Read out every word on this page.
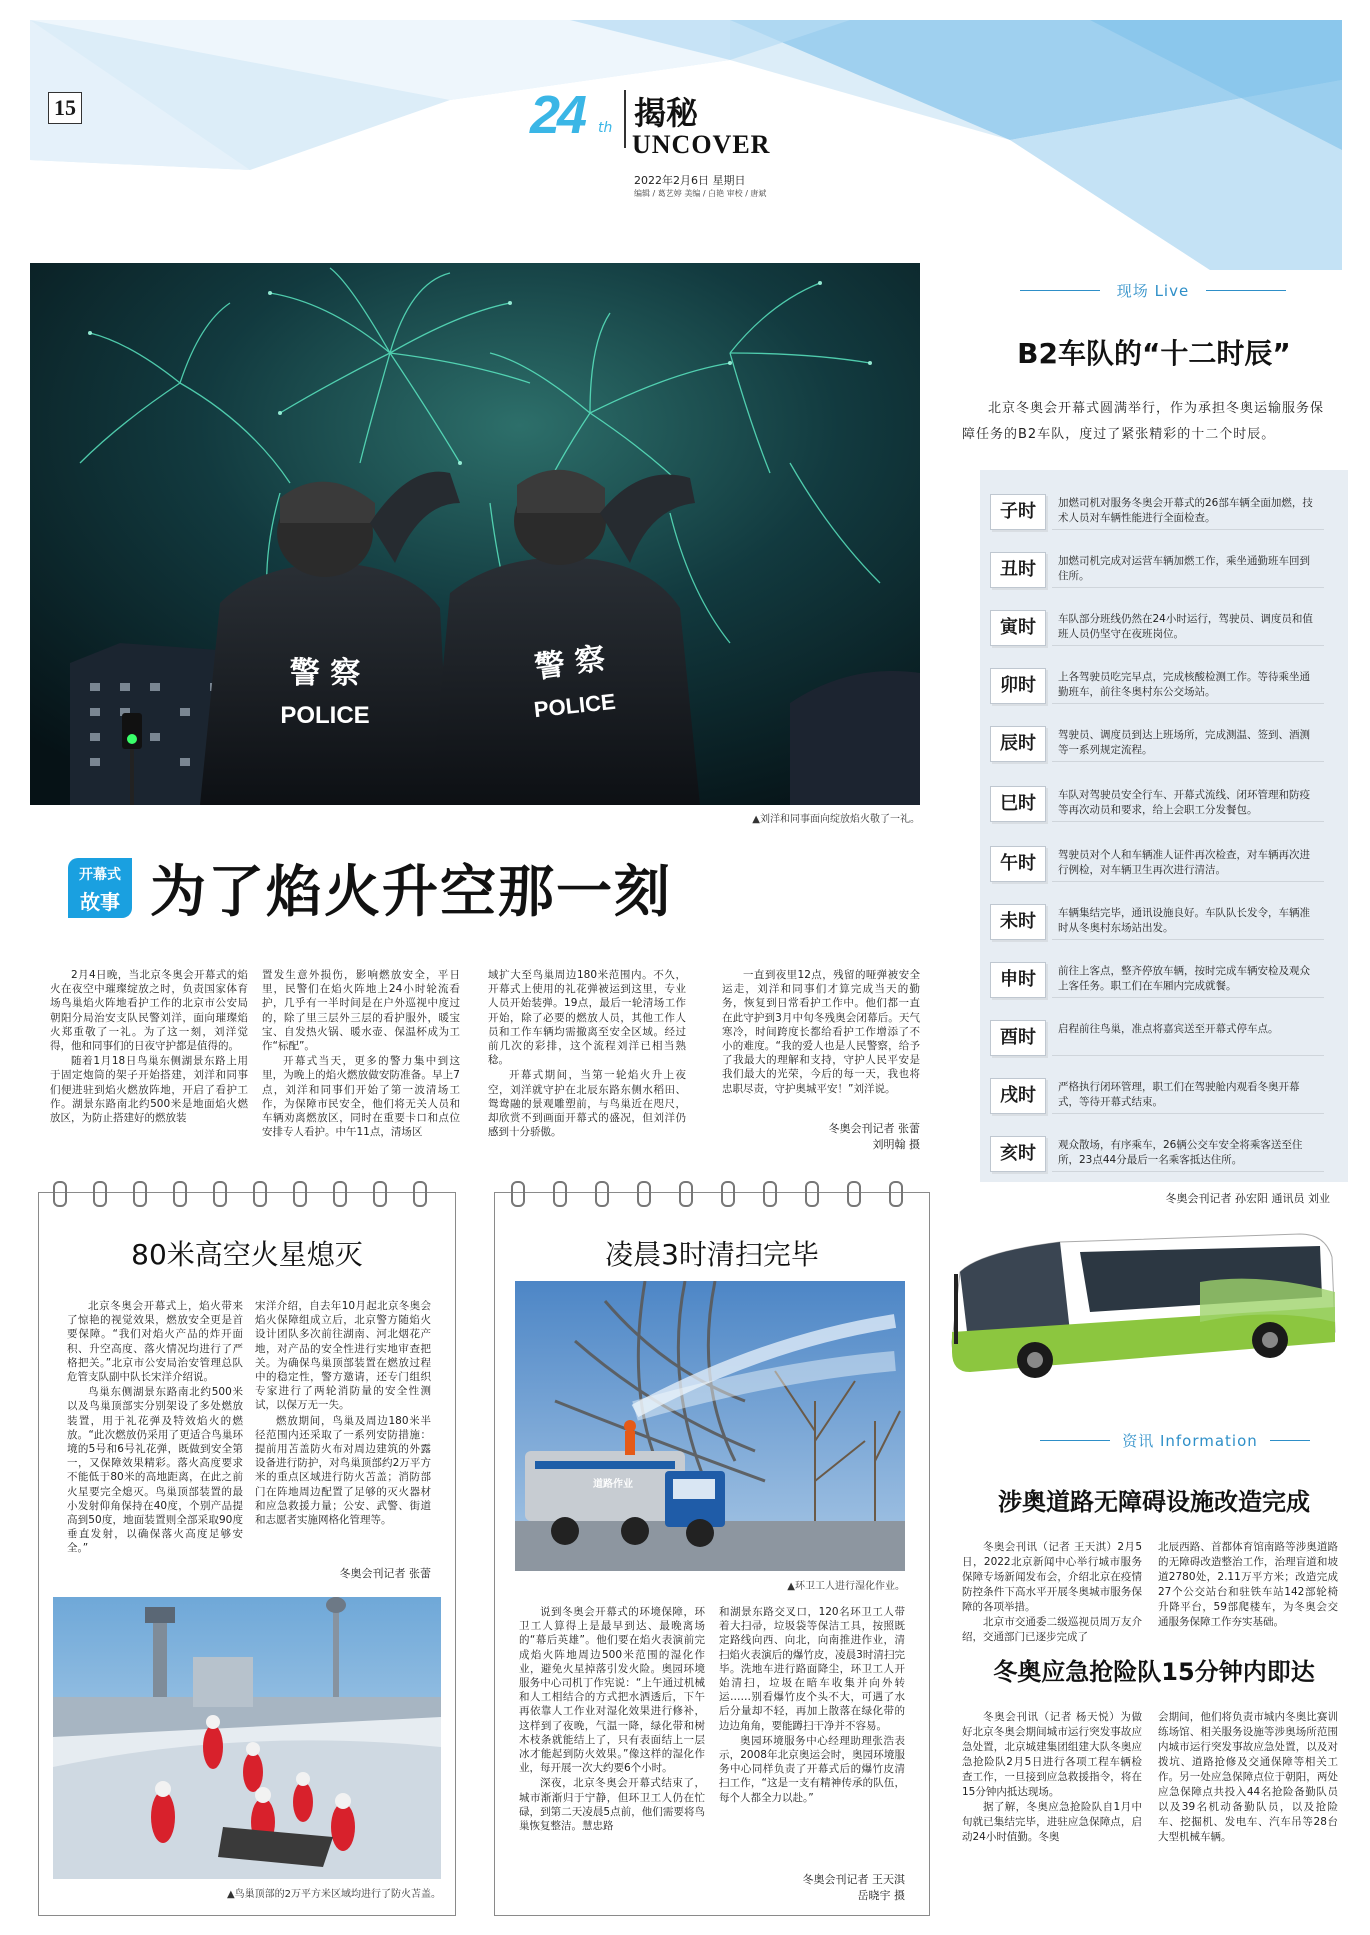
15	24 th 揭秘
UNCOVER
2022年2月6日 星期日
编辑 / 葛艺婷 美编 / 白艳 审校 / 唐斌
警 察
POLICE
警 察
POLICE
▲刘洋和同事面向绽放焰火敬了一礼。
开幕式
故事 为了焰火升空那一刻

2月4日晚，当北京冬奥会开幕式的焰火在夜空中璀璨绽放之时，负责国家体育场鸟巢焰火阵地看护工作的北京市公安局朝阳分局治安支队民警刘洋，面向璀璨焰火郑重敬了一礼。为了这一刻，刘洋觉得，他和同事们的日夜守护都是值得的。

随着1月18日鸟巢东侧湖景东路上用于固定炮筒的架子开始搭建，刘洋和同事们便进驻到焰火燃放阵地，开启了看护工作。湖景东路南北约500米是地面焰火燃放区，为防止搭建好的燃放装

置发生意外损伤，影响燃放安全，平日里，民警们在焰火阵地上24小时轮流看护，几乎有一半时间是在户外巡视中度过的，除了里三层外三层的看护服外，暖宝宝、自发热火锅、暖水壶、保温杯成为工作“标配”。

开幕式当天，更多的警力集中到这里，为晚上的焰火燃放做安防准备。早上7点，刘洋和同事们开始了第一波清场工作，为保障市民安全，他们将无关人员和车辆劝离燃放区，同时在重要卡口和点位安排专人看护。中午11点，清场区

域扩大至鸟巢周边180米范围内。不久，开幕式上使用的礼花弹被运到这里，专业人员开始装弹。19点，最后一轮清场工作开始，除了必要的燃放人员，其他工作人员和工作车辆均需撤离至安全区域。经过前几次的彩排，这个流程刘洋已相当熟稔。

开幕式期间，当第一轮焰火升上夜空，刘洋就守护在北辰东路东侧水稻田、鸳鸯融的景观雕塑前，与鸟巢近在咫尺，却欣赏不到画面开幕式的盛况，但刘洋仍感到十分骄傲。

一直到夜里12点，残留的哑弹被安全运走，刘洋和同事们才算完成当天的勤务，恢复到日常看护工作中。他们都一直在此守护到3月中旬冬残奥会闭幕后。天气寒冷，时间跨度长都给看护工作增添了不小的难度。“我的爱人也是人民警察，给予了我最大的理解和支持，守护人民平安是我们最大的光荣，今后的每一天，我也将忠职尽责，守护奥城平安！”刘洋说。

冬奥会刊记者 张蕾
刘明翰 摄
现场 Live
B2车队的“十二时辰”
北京冬奥会开幕式圆满举行，作为承担冬奥运输服务保障任务的B2车队，度过了紧张精彩的十二个时辰。
子时	加燃司机对服务冬奥会开幕式的26部车辆全面加燃，技术人员对车辆性能进行全面检查。
丑时	加燃司机完成对运营车辆加燃工作，乘坐通勤班车回到住所。
寅时	车队部分班线仍然在24小时运行，驾驶员、调度员和值班人员仍坚守在夜班岗位。
卯时	上各驾驶员吃完早点，完成核酸检测工作。等待乘坐通勤班车，前往冬奥村东公交场站。
辰时	驾驶员、调度员到达上班场所，完成测温、签到、酒测等一系列规定流程。
巳时	车队对驾驶员安全行车、开幕式流线、闭环管理和防疫等再次动员和要求，给上会职工分发餐包。
午时	驾驶员对个人和车辆准人证件再次检查，对车辆再次进行例检，对车辆卫生再次进行清洁。
未时	车辆集结完毕，通讯设施良好。车队队长发令，车辆准时从冬奥村东场站出发。
申时	前往上客点，整齐停放车辆，按时完成车辆安检及观众上客任务。职工们在车厢内完成就餐。
酉时	启程前往鸟巢，准点将嘉宾送至开幕式停车点。
戌时	严格执行闭环管理，职工们在驾驶舱内观看冬奥开幕式，等待开幕式结束。
亥时	观众散场，有序乘车，26辆公交车安全将乘客送至住所，23点44分最后一名乘客抵达住所。
冬奥会刊记者 孙宏阳 通讯员 刘业
资讯 Information
涉奥道路无障碍设施改造完成
冬奥会刊讯（记者 王天淇）2月5日，2022北京新闻中心举行城市服务保障专场新闻发布会，介绍北京在疫情防控条件下高水平开展冬奥城市服务保障的各项举措。
北京市交通委二级巡视员周万友介绍，交通部门已逐步完成了
北辰西路、首都体育馆南路等涉奥道路的无障碍改造整治工作，治理盲道和坡道2780处，2.11万平方米；改造完成27个公交站台和驻铁车站142部轮椅升降平台，59部爬楼车，为冬奥会交通服务保障工作夯实基础。
冬奥应急抢险队15分钟内即达
冬奥会刊讯（记者 杨天悦）为做好北京冬奥会期间城市运行突发事故应急处置，北京城建集团组建大队冬奥应急抢险队2月5日进行各项工程车辆检查工作，一旦接到应急救援指令，将在15分钟内抵达现场。
据了解，冬奥应急抢险队自1月中旬就已集结完毕，进驻应急保障点，启动24小时值勤。冬奥
会期间，他们将负责市城内冬奥比赛训练场馆、相关服务设施等涉奥场所范围内城市运行突发事故应急处置，以及对拨坑、道路抢修及交通保障等相关工作。另一处应急保障点位于朝阳，两处应急保障点共投入44名抢险备勤队员以及39名机动备勤队员，以及抢险车、挖掘机、发电车、汽车吊等28台大型机械车辆。
80米高空火星熄灭

北京冬奥会开幕式上，焰火带来了惊艳的视觉效果，燃放安全更是首要保障。“我们对焰火产品的炸开面积、升空高度、落火情况均进行了严格把关。”北京市公安局治安管理总队危管支队副中队长宋洋介绍说。

鸟巢东侧湖景东路南北约500米以及鸟巢顶部实分别架设了多处燃放装置，用于礼花弹及特效焰火的燃放。“此次燃放仍采用了更适合鸟巢环境的5号和6号礼花弹，既做到安全第一，又保障效果精彩。落火高度要求不能低于80米的高地距离，在此之前火星要完全熄灭。鸟巢顶部装置的最小发射仰角保持在40度，个别产品提高到50度，地面装置则全部采取90度垂直发射，以确保落火高度足够安全。”

宋洋介绍，自去年10月起北京冬奥会焰火保障组成立后，北京警方随焰火设计团队多次前往湖南、河北烟花产地，对产品的安全性进行实地审查把关。为确保鸟巢顶部装置在燃放过程中的稳定性，警方邀请，还专门组织专家进行了两轮消防量的安全性测试，以保万无一失。

燃放期间，鸟巢及周边180米半径范围内还采取了一系列安防措施：提前用苫盖防火布对周边建筑的外露设备进行防护，对鸟巢顶部约2万平方米的重点区域进行防火苫盖；消防部门在阵地周边配置了足够的灭火器材和应急救援力量；公安、武警、街道和志愿者实施网格化管理等。

冬奥会刊记者 张蕾
▲鸟巢顶部的2万平方米区域均进行了防火苫盖。
凌晨3时清扫完毕
道路作业
▲环卫工人进行湿化作业。

说到冬奥会开幕式的环境保障，环卫工人算得上是最早到达、最晚离场的“幕后英雄”。他们要在焰火表演前完成焰火阵地周边500米范围的湿化作业，避免火星掉落引发火险。奥园环境服务中心司机丁作宪说：“上午通过机械和人工相结合的方式把水洒透后，下午再依靠人工作业对湿化效果进行修补，这样到了夜晚，气温一降，绿化带和树木枝条就能结上了，只有表面结上一层冰才能起到防火效果。”像这样的湿化作业，每开展一次大约要6个小时。

深夜，北京冬奥会开幕式结束了，城市渐渐归于宁静，但环卫工人仍在忙碌，到第二天凌晨5点前，他们需要将鸟巢恢复整洁。慧忠路

和湖景东路交叉口，120名环卫工人带着大扫帚，垃圾袋等保洁工具，按照既定路线向西、向北，向南推进作业，清扫焰火表演后的爆竹皮，凌晨3时清扫完毕。洗地车进行路面降尘，环卫工人开始清扫，垃圾在暗车收集并向外转运……别看爆竹皮个头不大，可遇了水后分量却不轻，再加上散落在绿化带的边边角角，要能蹲扫干净并不容易。

奥园环境服务中心经理助理张浩表示，2008年北京奥运会时，奥园环境服务中心同样负责了开幕式后的爆竹皮清扫工作，“这是一支有精神传承的队伍，每个人都全力以赴。”

冬奥会刊记者 王天淇
岳晓宇 摄
